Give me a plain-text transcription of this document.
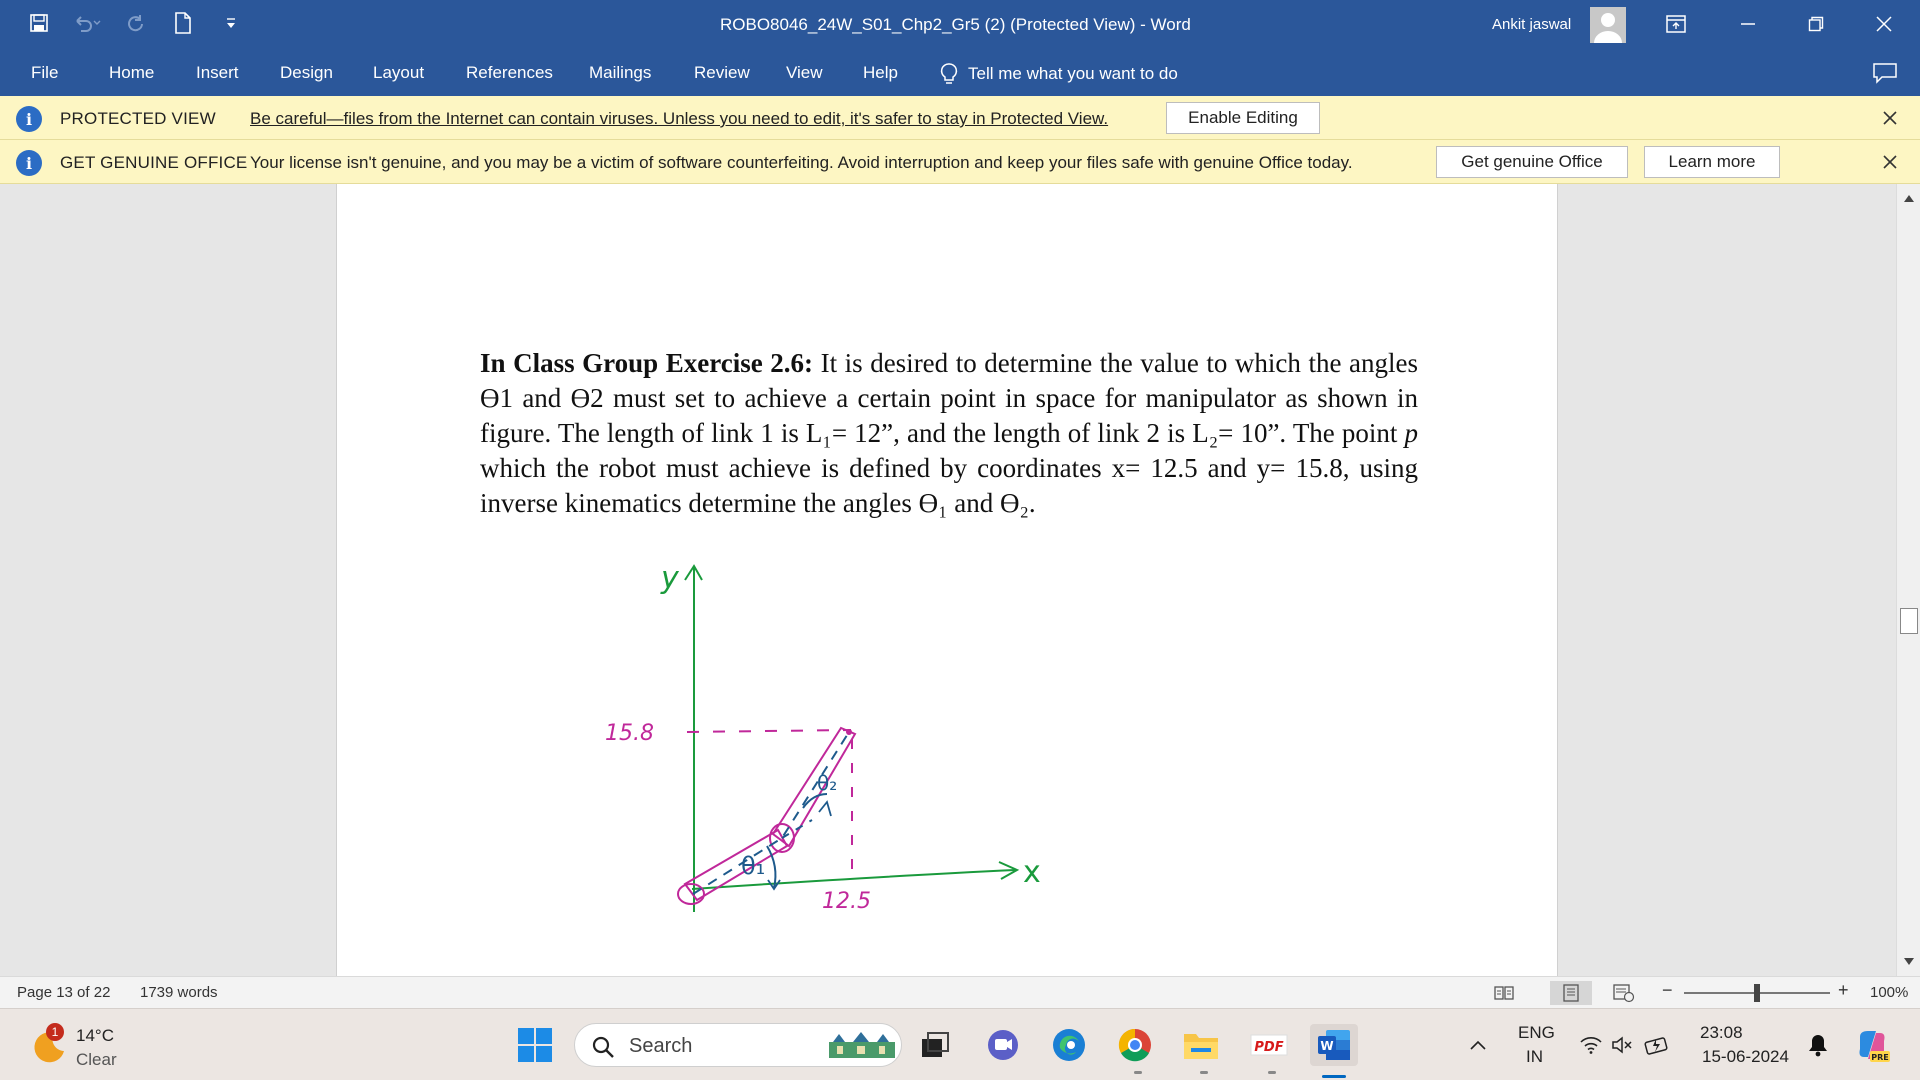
ROBO8046_24W_S01_Chp2_Gr5 (2) (Protected View) - Word	Ankit jaswal
File	Home Insert Design Layout References Mailings	Review View Help	Tell me what you want to do
i	PROTECTED VIEW Be careful—files from the Internet can contain viruses. Unless you need to edit, it's safer to stay in Protected View.	Enable Editing
i	GET GENUINE OFFICE Your license isn't genuine, and you may be a victim of software counterfeiting. Avoid interruption and keep your files safe with genuine Office today.	Get genuine Office	Learn more
In Class Group Exercise 2.6: It is desired to determine the value to which the angles ϴ1 and ϴ2 must set to achieve a certain point in space for manipulator as shown in figure. The length of link 1 is L₁= 12”, and the length of link 2 is L₂= 10”. The point p which the robot must achieve is defined by coordinates x= 12.5 and y= 15.8, using inverse kinematics determine the angles ϴ₁ and ϴ₂.
y
x
15.8
12.5
θ₁
θ₂
Page 13 of 22 1739 words	−	+ 100%
1	14°C
Clear
Search	PDF	W
ENG
IN
23:08
15-06-2024	PRE
